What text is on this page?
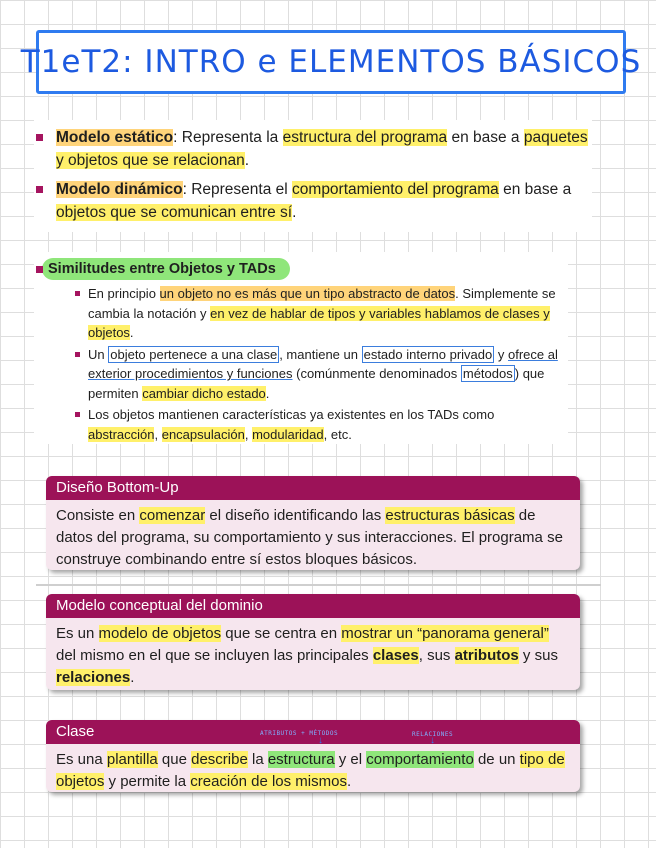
T1eT2: INTRO e ELEMENTOS BÁSICOS
Modelo estático: Representa la estructura del programa en base a paquetes y objetos que se relacionan.
Modelo dinámico: Representa el comportamiento del programa en base a objetos que se comunican entre sí.
Similitudes entre Objetos y TADs
En principio un objeto no es más que un tipo abstracto de datos. Simplemente se cambia la notación y en vez de hablar de tipos y variables hablamos de clases y objetos.
Un objeto pertenece a una clase , mantiene un estado interno privado y ofrece al exterior procedimientos y funciones (comúnmente denominados métodos ) que permiten cambiar dicho estado.
Los objetos mantienen características ya existentes en los TADs como abstracción, encapsulación, modularidad, etc.
Diseño Bottom-Up
Consiste en comenzar el diseño identificando las estructuras básicas de datos del programa, su comportamiento y sus interacciones. El programa se construye combinando entre sí estos bloques básicos.
Modelo conceptual del dominio
Es un modelo de objetos que se centra en mostrar un “panorama general” del mismo en el que se incluyen las principales clases, sus atributos y sus relaciones.
Clase	ATRIBUTOS + MÉTODOS	RELACIONES
↓	↓
Es una plantilla que describe la estructura y el comportamiento de un tipo de objetos y permite la creación de los mismos.
